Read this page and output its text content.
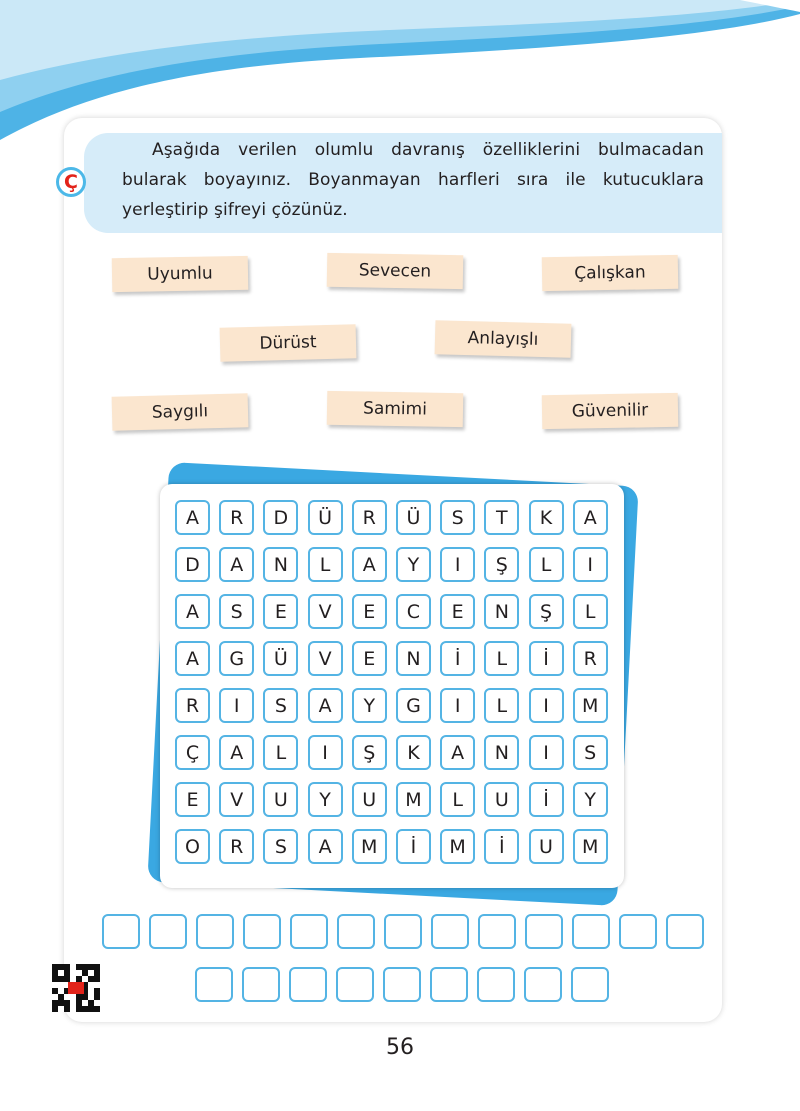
Aşağıda verilen olumlu davranış özelliklerini bulmacadan bularak boyayınız. Boyanmayan harfleri sıra ile kutucuklara yerleştirip şifreyi çözünüz.

Ç
Uyumlu	Sevecen	Çalışkan
Dürüst	Anlayışlı
Saygılı	Samimi	Güvenilir
A	R	D	Ü	R	Ü	S	T	K	A
D	A	N	L	A	Y	I	Ş	L	I
A	S	E	V	E	C	E	N	Ş	L
A	G	Ü	V	E	N	İ	L	İ	R
R	I	S	A	Y	G	I	L	I	M
Ç	A	L	I	Ş	K	A	N	I	S
E	V	U	Y	U	M	L	U	İ	Y
O	R	S	A	M	İ	M	İ	U	M
56
